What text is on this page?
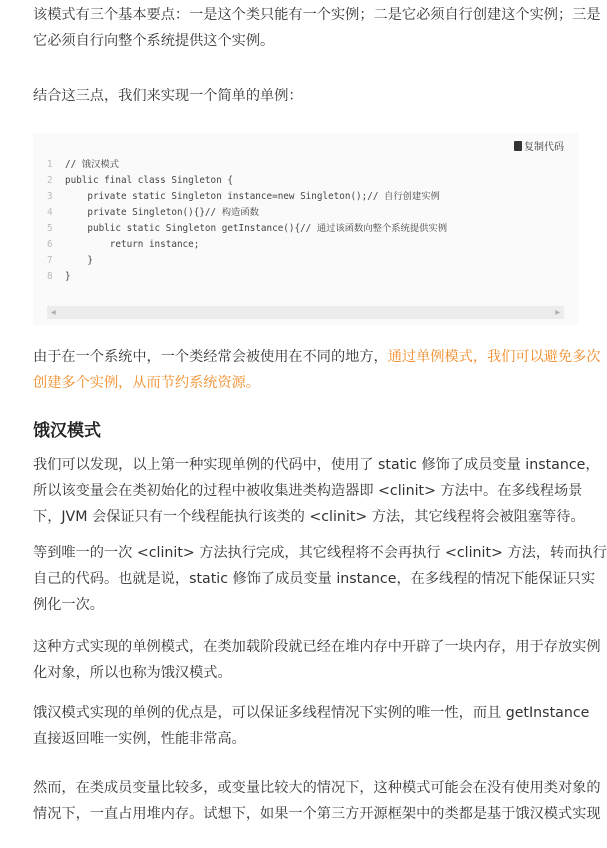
该模式有三个基本要点：一是这个类只能有一个实例；二是它必须自行创建这个实例；三是
它必须自行向整个系统提供这个实例。

结合这三点，我们来实现一个简单的单例：

复制代码
1	// 饿汉模式
2	public final class Singleton {
3	private static Singleton instance=new Singleton();// 自行创建实例
4	private Singleton(){}// 构造函数
5	public static Singleton getInstance(){// 通过该函数向整个系统提供实例
6	return instance;
7	}
8	}
◀	▶

由于在一个系统中，一个类经常会被使用在不同的地方，通过单例模式，我们可以避免多次
创建多个实例，从而节约系统资源。

饿汉模式

我们可以发现，以上第一种实现单例的代码中，使用了 static 修饰了成员变量 instance，
所以该变量会在类初始化的过程中被收集进类构造器即 <clinit> 方法中。在多线程场景
下，JVM 会保证只有一个线程能执行该类的 <clinit> 方法，其它线程将会被阻塞等待。

等到唯一的一次 <clinit> 方法执行完成，其它线程将不会再执行 <clinit> 方法，转而执行
自己的代码。也就是说，static 修饰了成员变量 instance，在多线程的情况下能保证只实
例化一次。

这种方式实现的单例模式，在类加载阶段就已经在堆内存中开辟了一块内存，用于存放实例
化对象，所以也称为饿汉模式。

饿汉模式实现的单例的优点是，可以保证多线程情况下实例的唯一性，而且 getInstance
直接返回唯一实例，性能非常高。

然而，在类成员变量比较多，或变量比较大的情况下，这种模式可能会在没有使用类对象的
情况下，一直占用堆内存。试想下，如果一个第三方开源框架中的类都是基于饿汉模式实现
